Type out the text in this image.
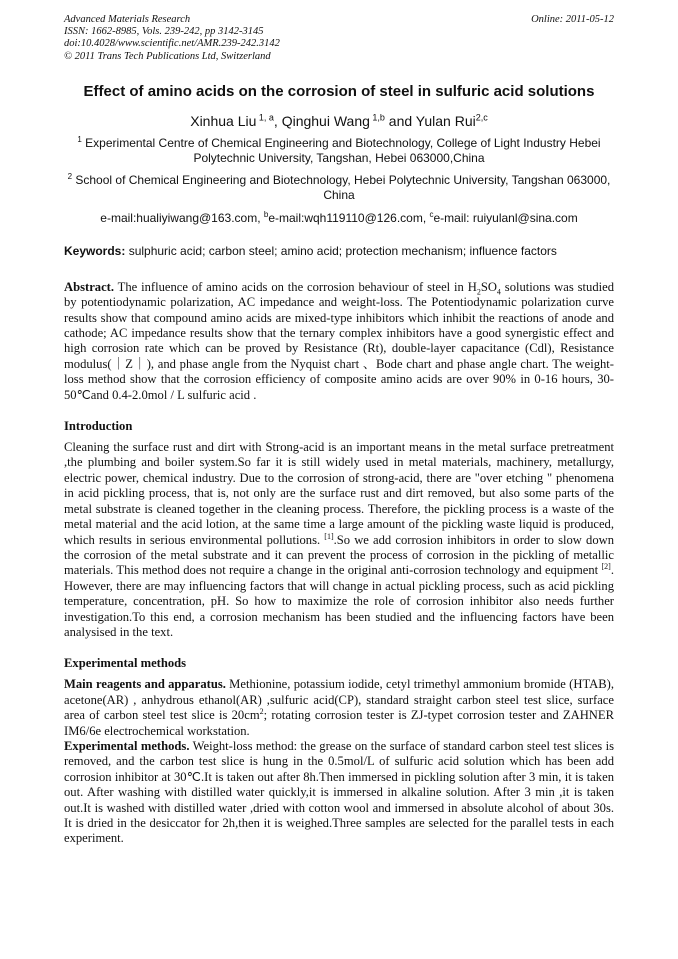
Advanced Materials Research
ISSN: 1662-8985, Vols. 239-242, pp 3142-3145
doi:10.4028/www.scientific.net/AMR.239-242.3142
© 2011 Trans Tech Publications Ltd, Switzerland
Online: 2011-05-12
Effect of amino acids on the corrosion of steel in sulfuric acid solutions
Xinhua Liu $^{1, a}$, Qinghui Wang $^{1,b}$ and Yulan Rui$^{2,c}$
$^1$ Experimental Centre of Chemical Engineering and Biotechnology, College of Light Industry Hebei Polytechnic University, Tangshan, Hebei 063000,China
$^2$ School of Chemical Engineering and Biotechnology, Hebei Polytechnic University, Tangshan 063000, China
e-mail:hualiyiwang@163.com, $^b$e-mail:wqh119110@126.com, $^c$e-mail: ruiyulanl@sina.com
Keywords: sulphuric acid; carbon steel; amino acid; protection mechanism; influence factors
Abstract. The influence of amino acids on the corrosion behaviour of steel in $H_2SO_4$ solutions was studied by potentiodynamic polarization, AC impedance and weight-loss. The Potentiodynamic polarization curve results show that compound amino acids are mixed-type inhibitors which inhibit the reactions of anode and cathode; AC impedance results show that the ternary complex inhibitors have a good synergistic effect and high corrosion rate which can be proved by Resistance (Rt), double-layer capacitance (Cdl), Resistance modulus(｜Z｜), and phase angle from the Nyquist chart 、Bode chart and phase angle chart. The weight-loss method show that the corrosion efficiency of composite amino acids are over 90% in 0-16 hours, 30-50℃and 0.4-2.0mol / L sulfuric acid .
Introduction
Cleaning the surface rust and dirt with Strong-acid is an important means in the metal surface pretreatment ,the plumbing and boiler system.So far it is still widely used in metal materials, machinery, metallurgy, electric power, chemical industry. Due to the corrosion of strong-acid, there are "over etching " phenomena in acid pickling process, that is, not only are the surface rust and dirt removed, but also some parts of the metal substrate is cleaned together in the cleaning process. Therefore, the pickling process is a waste of the metal material and the acid lotion, at the same time a large amount of the pickling waste liquid is produced, which results in serious environmental pollutions. [1].So we add corrosion inhibitors in order to slow down the corrosion of the metal substrate and it can prevent the process of corrosion in the pickling of metallic materials. This method does not require a change in the original anti-corrosion technology and equipment [2]. However, there are may influencing factors that will change in actual pickling process, such as acid pickling temperature, concentration, pH. So how to maximize the role of corrosion inhibitor also needs further investigation.To this end, a corrosion mechanism has been studied and the influencing factors have been analysised in the text.
Experimental methods
Main reagents and apparatus. Methionine, potassium iodide, cetyl trimethyl ammonium bromide (HTAB), acetone(AR) , anhydrous ethanol(AR) ,sulfuric acid(CP), standard straight carbon steel test slice, surface area of carbon steel test slice is $20cm^2$; rotating corrosion tester is ZJ-typet corrosion tester and ZAHNER IM6/6e electrochemical workstation.
Experimental methods. Weight-loss method: the grease on the surface of standard carbon steel test slices is removed, and the carbon test slice is hung in the 0.5mol/L of sulfuric acid solution which has been add corrosion inhibitor at 30℃.It is taken out after 8h.Then immersed in pickling solution after 3 min, it is taken out. After washing with distilled water quickly,it is immersed in alkaline solution. After 3 min ,it is taken out.It is washed with distilled water ,dried with cotton wool and immersed in absolute alcohol of about 30s. It is dried in the desiccator for 2h,then it is weighed.Three samples are selected for the parallel tests in each experiment.
